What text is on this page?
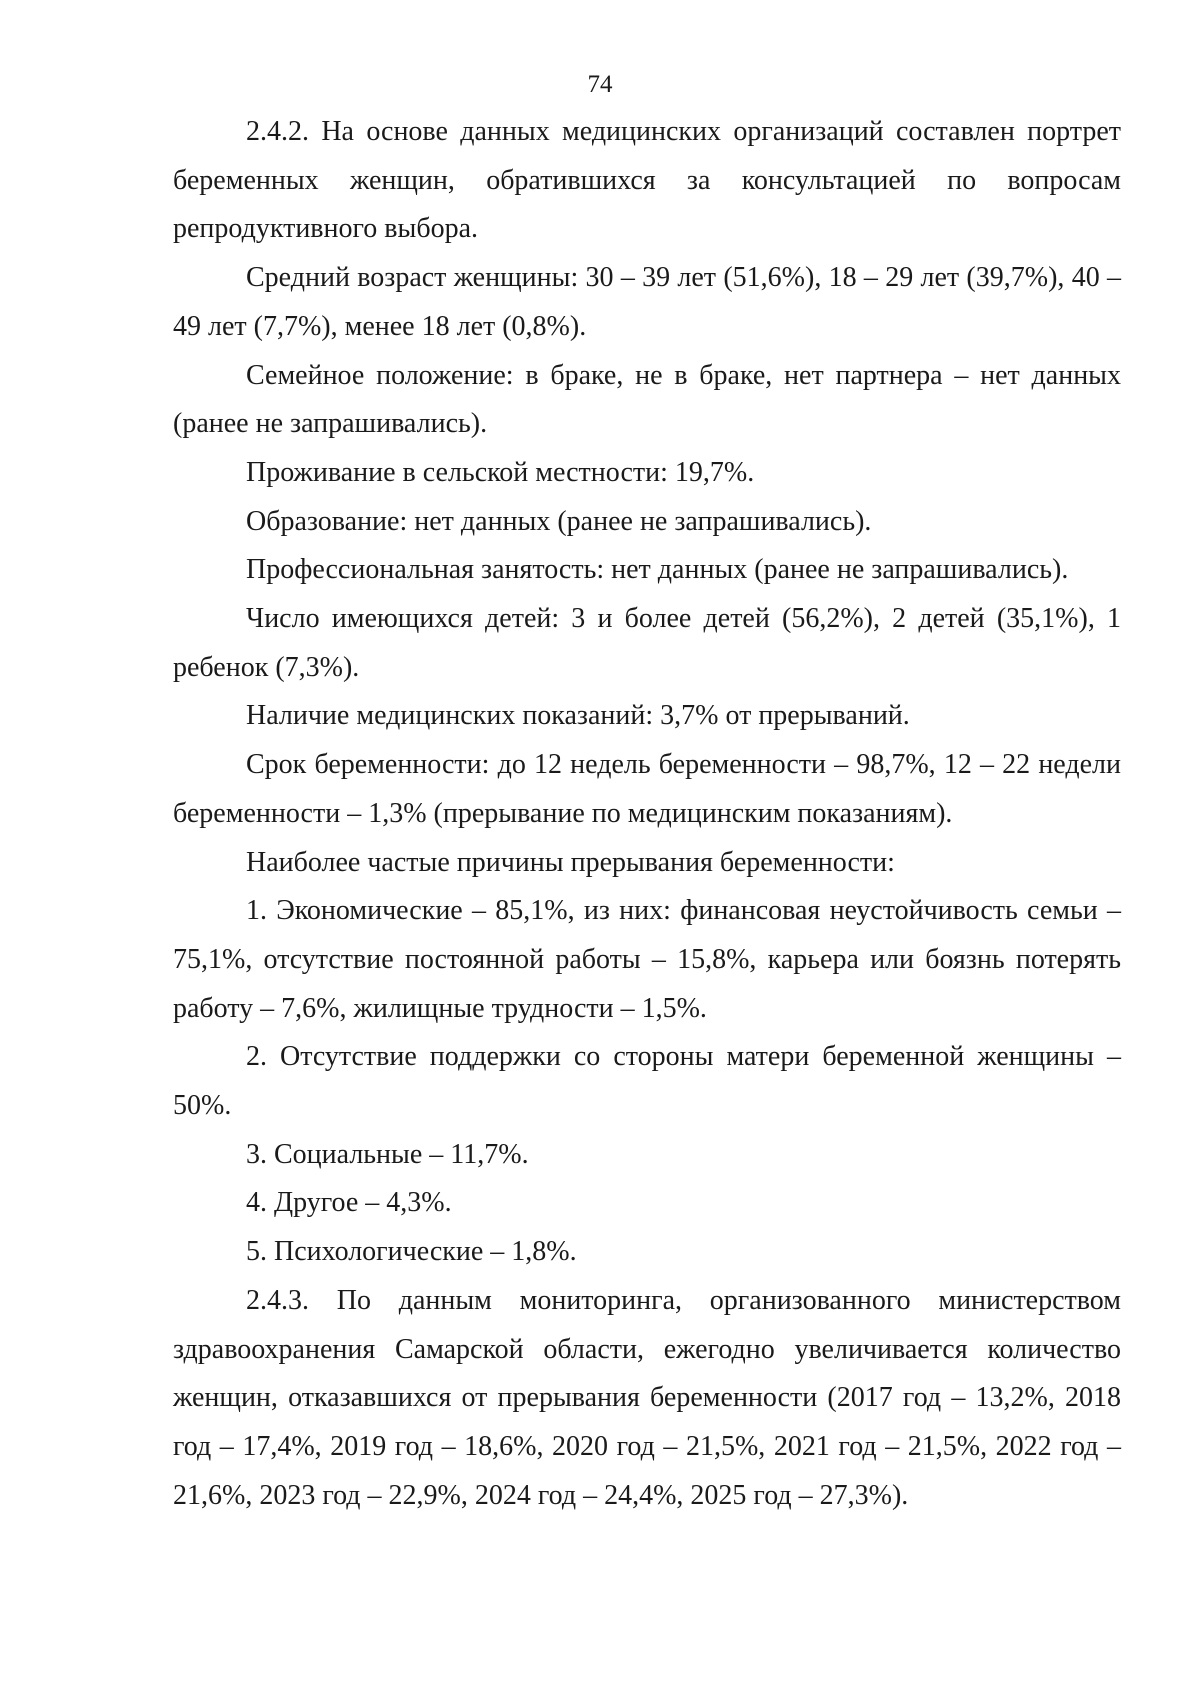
74

2.4.2. На основе данных медицинских организаций составлен портрет беременных женщин, обратившихся за консультацией по вопросам репродуктивного выбора.

Средний возраст женщины: 30 – 39 лет (51,6%), 18 – 29 лет (39,7%), 40 – 49 лет (7,7%), менее 18 лет (0,8%).

Семейное положение: в браке, не в браке, нет партнера – нет данных (ранее не запрашивались).

Проживание в сельской местности: 19,7%.

Образование: нет данных (ранее не запрашивались).

Профессиональная занятость: нет данных (ранее не запрашивались).

Число имеющихся детей: 3 и более детей (56,2%), 2 детей (35,1%), 1 ребенок (7,3%).

Наличие медицинских показаний: 3,7% от прерываний.

Срок беременности: до 12 недель беременности – 98,7%, 12 – 22 недели беременности – 1,3% (прерывание по медицинским показаниям).

Наиболее частые причины прерывания беременности:

1. Экономические – 85,1%, из них: финансовая неустойчивость семьи – 75,1%, отсутствие постоянной работы – 15,8%, карьера или боязнь потерять работу – 7,6%, жилищные трудности – 1,5%.

2. Отсутствие поддержки со стороны матери беременной женщины – 50%.

3. Социальные – 11,7%.

4. Другое – 4,3%.

5. Психологические – 1,8%.

2.4.3. По данным мониторинга, организованного министерством здравоохранения Самарской области, ежегодно увеличивается количество женщин, отказавшихся от прерывания беременности (2017 год – 13,2%, 2018 год – 17,4%, 2019 год – 18,6%, 2020 год – 21,5%, 2021 год – 21,5%, 2022 год – 21,6%, 2023 год – 22,9%, 2024 год – 24,4%, 2025 год – 27,3%).
